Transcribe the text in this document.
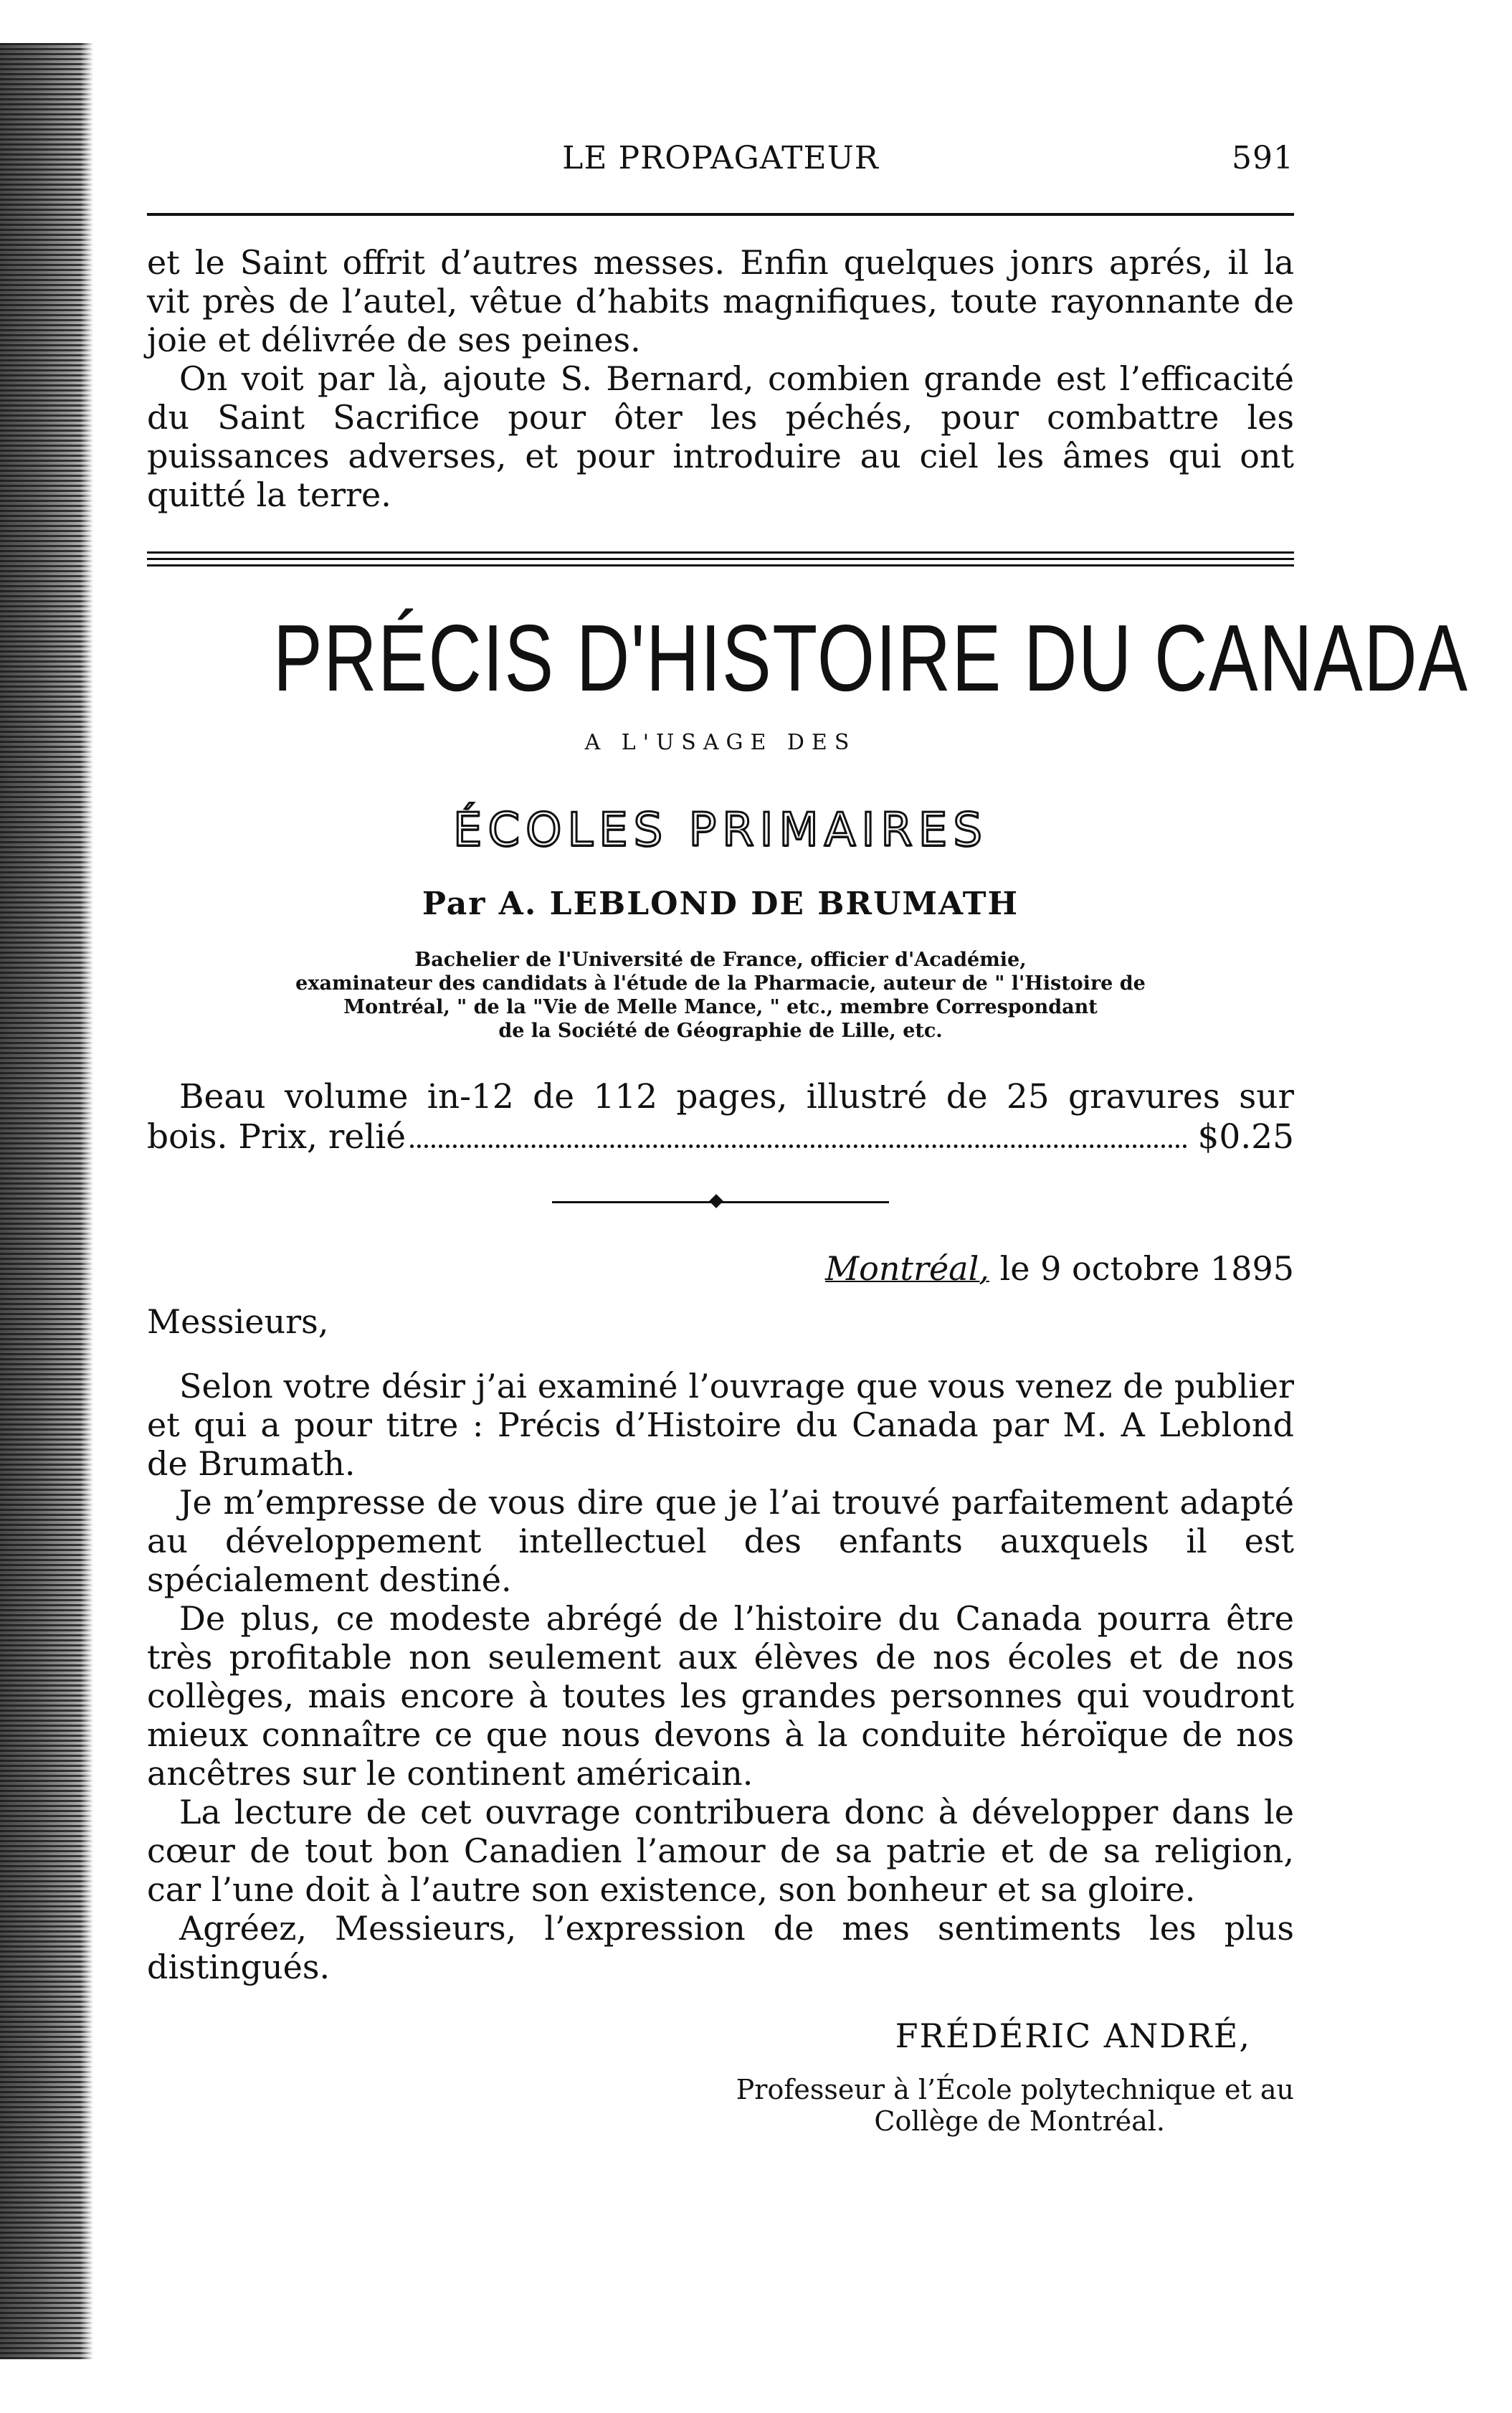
LE PROPAGATEUR	591

et le Saint offrit d’autres messes. Enfin quelques jonrs aprés, il la vit près de l’autel, vêtue d’habits magnifiques, toute rayonnante de joie et délivrée de ses peines.

On voit par là, ajoute S. Bernard, combien grande est l’efficacité du Saint Sacrifice pour ôter les péchés, pour combattre les puissances adverses, et pour introduire au ciel les âmes qui ont quitté la terre.

PRÉCIS D'HISTOIRE DU CANADA
A L'USAGE DES
ÉCOLES PRIMAIRES
Par A. LEBLOND DE BRUMATH
Bachelier de l'Université de France, officier d'Académie,
examinateur des candidats à l'étude de la Pharmacie, auteur de " l'Histoire de
Montréal, " de la "Vie de Melle Mance, " etc., membre Correspondant
de la Société de Géographie de Lille, etc.

Beau volume in-12 de 112 pages, illustré de 25 gravures sur

bois. Prix, relié	$0.25
Montréal, le 9 octobre 1895
Messieurs,

Selon votre désir j’ai examiné l’ouvrage que vous venez de publier et qui a pour titre : Précis d’Histoire du Canada par M. A Leblond de Brumath.

Je m’empresse de vous dire que je l’ai trouvé parfaitement adapté au développement intellectuel des enfants auxquels il est spécialement destiné.

De plus, ce modeste abrégé de l’histoire du Canada pourra être très profitable non seulement aux élèves de nos écoles et de nos collèges, mais encore à toutes les grandes personnes qui voudront mieux connaître ce que nous devons à la conduite héroïque de nos ancêtres sur le continent américain.

La lecture de cet ouvrage contribuera donc à développer dans le cœur de tout bon Canadien l’amour de sa patrie et de sa religion, car l’une doit à l’autre son existence, son bonheur et sa gloire.

Agréez, Messieurs, l’expression de mes sentiments les plus distingués.

FRÉDÉRIC ANDRÉ,
Professeur à l’École polytechnique et au
Collège de Montréal.
